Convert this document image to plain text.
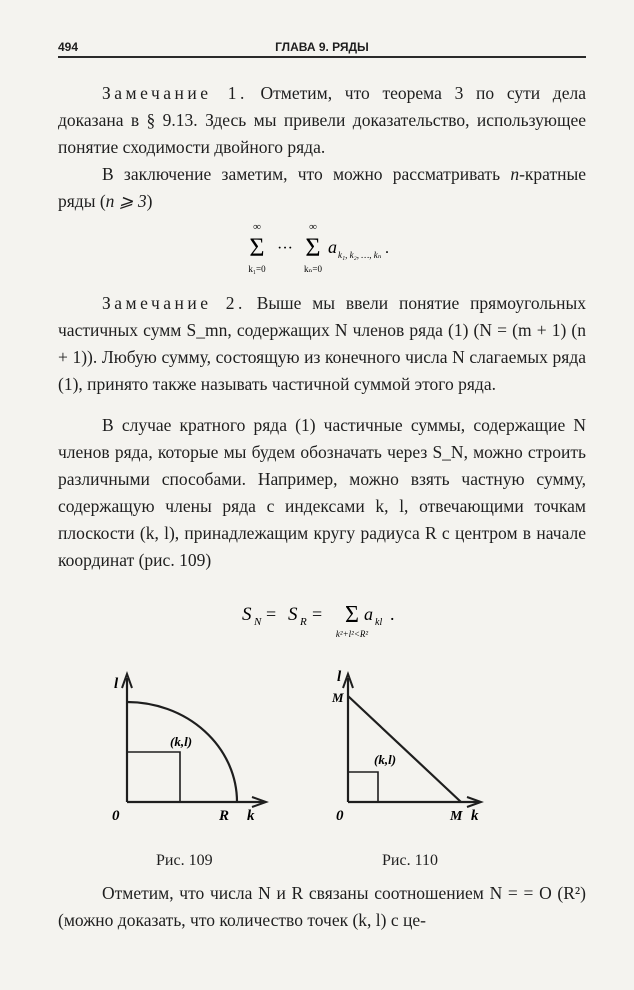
494	ГЛАВА 9. РЯДЫ
Замечание 1. Отметим, что теорема 3 по сути дела доказана в § 9.13. Здесь мы привели доказательство, использующее понятие сходимости двойного ряда.
В заключение заметим, что можно рассматривать n-кратные ряды (n ⩾ 3)
∞
Σ
k₁=0
···
∞
Σ
kₙ=0
a k₁, k₂, …, kₙ .
Замечание 2. Выше мы ввели понятие прямоугольных частичных сумм S_mn, содержащих N членов ряда (1) (N = (m + 1) (n + 1)). Любую сумму, состоящую из конечного числа N слагаемых ряда (1), принято также называть частичной суммой этого ряда.
В случае кратного ряда (1) частичные суммы, содержащие N членов ряда, которые мы будем обозначать через S_N, можно строить различными способами. Например, можно взять частную сумму, содержащую члены ряда с индексами k, l, отвечающими точкам плоскости (k, l), принадлежащим кругу радиуса R с центром в начале координат (рис. 109)
S N = S R = Σ
k²+l²<R²
a kl .
l
0	R k
(k,l)
Рис. 109
l
M
0	M k
(k,l)
Рис. 110
Отметим, что числа N и R связаны соотношением N = = O (R²) (можно доказать, что количество точек (k, l) с це-
